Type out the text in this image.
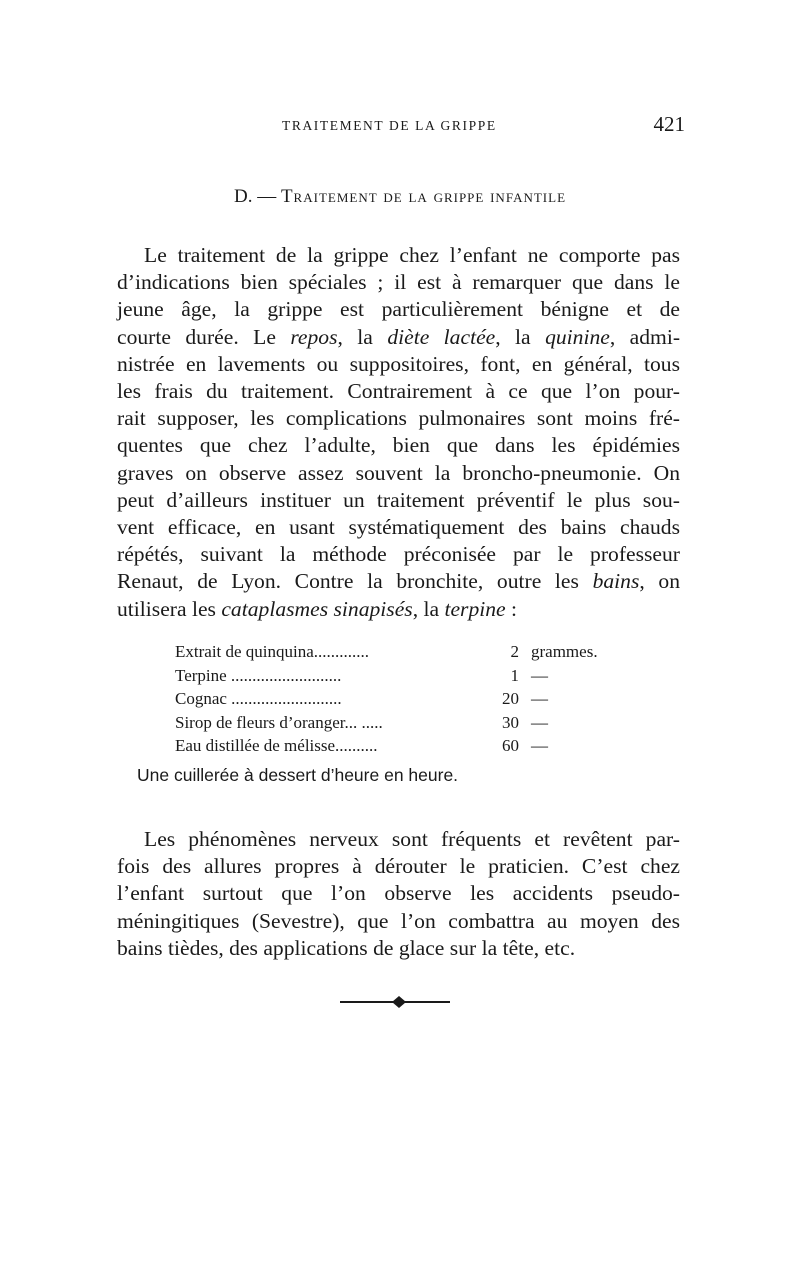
TRAITEMENT DE LA GRIPPE	421
D. — Traitement de la grippe infantile
Le traitement de la grippe chez l’enfant ne comporte pas
d’indications bien spéciales ; il est à remarquer que dans le
jeune âge, la grippe est particulièrement bénigne et de
courte durée. Le repos, la diète lactée, la quinine, admi-
nistrée en lavements ou suppositoires, font, en général, tous
les frais du traitement. Contrairement à ce que l’on pour-
rait supposer, les complications pulmonaires sont moins fré-
quentes que chez l’adulte, bien que dans les épidémies
graves on observe assez souvent la broncho-pneumonie. On
peut d’ailleurs instituer un traitement préventif le plus sou-
vent efficace, en usant systématiquement des bains chauds
répétés, suivant la méthode préconisée par le professeur
Renaut, de Lyon. Contre la bronchite, outre les bains, on
utilisera les cataplasmes sinapisés, la terpine :
Extrait de quinquina.............	2 grammes.
Terpine ..........................	1 —
Cognac ..........................	20 —
Sirop de fleurs d’oranger... .....	30 —
Eau distillée de mélisse..........	60 —
Une cuillerée à dessert d’heure en heure.
Les phénomènes nerveux sont fréquents et revêtent par-
fois des allures propres à dérouter le praticien. C’est chez
l’enfant surtout que l’on observe les accidents pseudo-
méningitiques (Sevestre), que l’on combattra au moyen des
bains tièdes, des applications de glace sur la tête, etc.
